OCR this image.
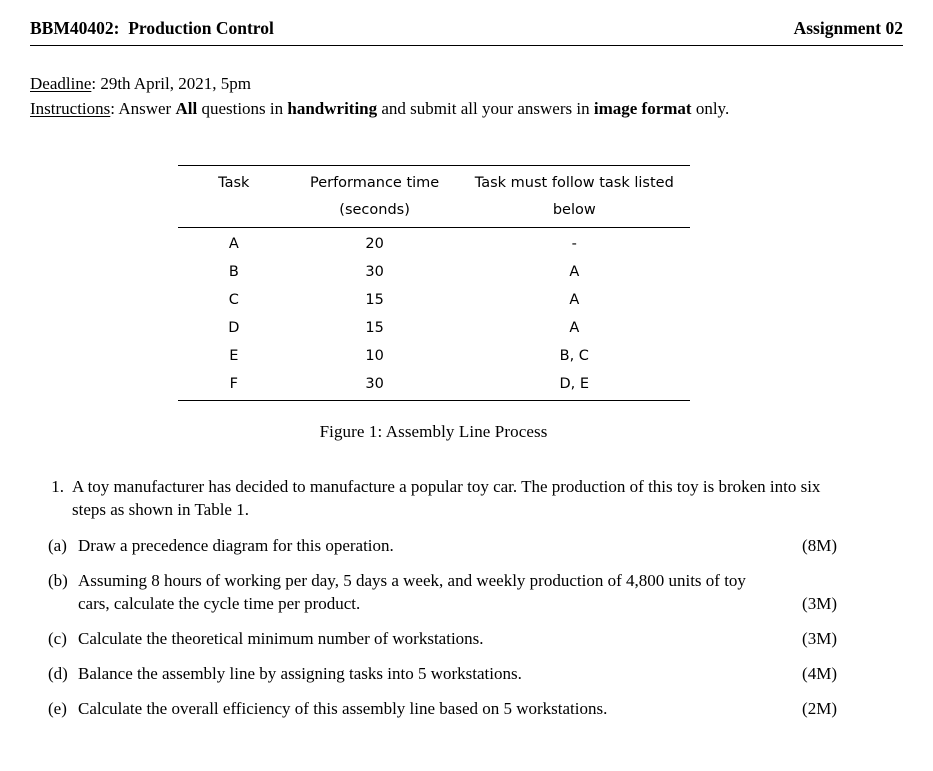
BBM40402:  Production Control	Assignment 02
Deadline: 29th April, 2021, 5pm
Instructions: Answer All questions in handwriting and submit all your answers in image format only.
Task	Performance time	Task must follow task listed
	(seconds)	below
A	20	-
B	30	A
C	15	A
D	15	A
E	10	B, C
F	30	D, E
Figure 1: Assembly Line Process
1. A toy manufacturer has decided to manufacture a popular toy car. The production of this toy is broken into six steps as shown in Table 1.

(a) Draw a precedence diagram for this operation.	(8M)
(b) Assuming 8 hours of working per day, 5 days a week, and weekly production of 4,800 units of toy cars, calculate the cycle time per product.	(3M)
(c) Calculate the theoretical minimum number of workstations.	(3M)
(d) Balance the assembly line by assigning tasks into 5 workstations.	(4M)
(e) Calculate the overall efficiency of this assembly line based on 5 workstations.	(2M)
